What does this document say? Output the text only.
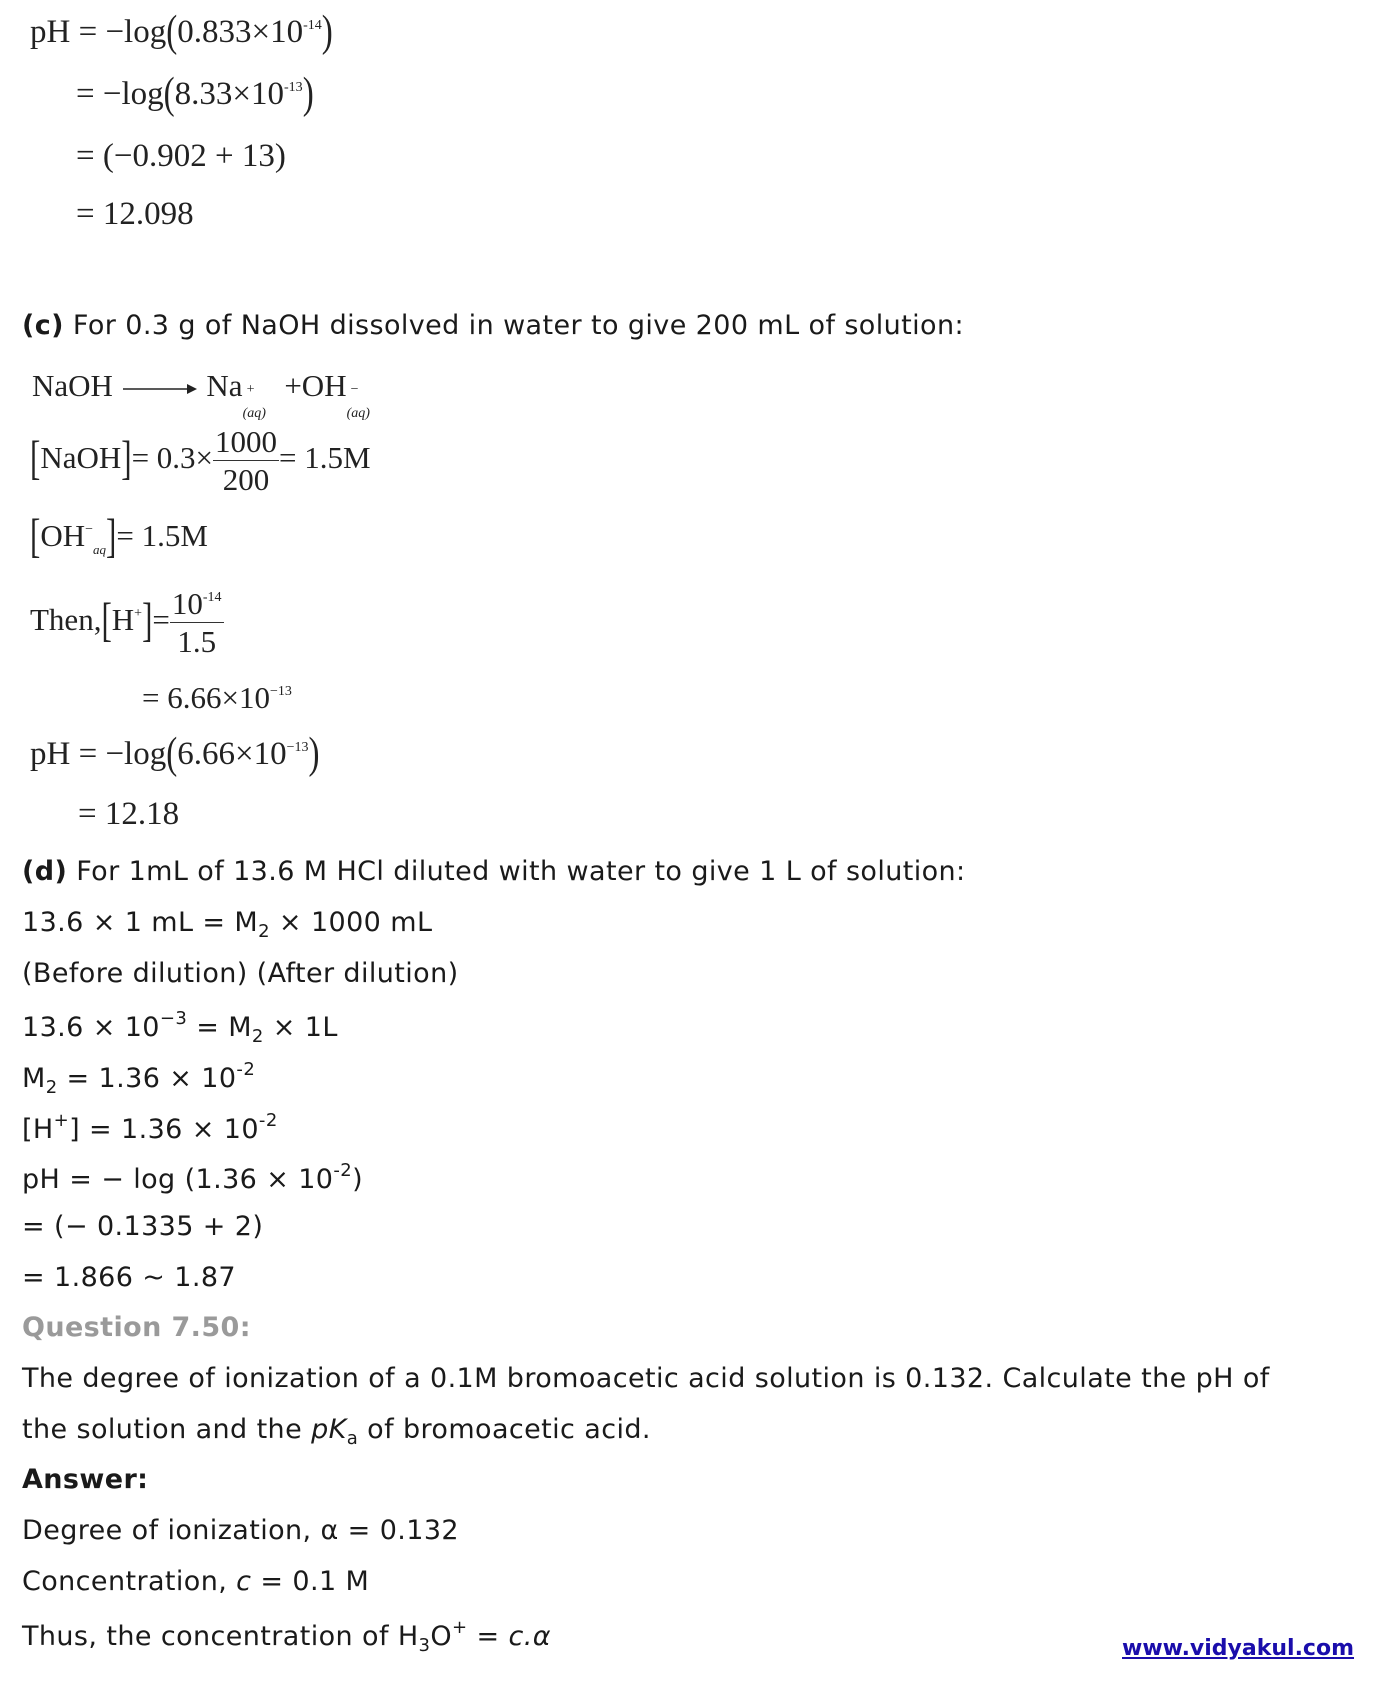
pH = $-\log(0.833\times 10^{-14})$
= $-\log(8.33\times 10^{-13})$
= (−0.902 + 13)
= 12.098
(c) For 0.3 g of NaOH dissolved in water to give 200 mL of solution:
NaOH → Na +
(aq)
+OH −
(aq)
[NaOH]= $0.3\times \frac{1000}{200} = 1.5M$
$[OH^-_{aq}]= 1.5M$
Then,[H+]= $\frac{10^{-14}}{1.5}$
= $6.66\times 10^{-13}$
pH = $-\log(6.66\times 10^{-13})$
= 12.18
(d) For 1mL of 13.6 M HCl diluted with water to give 1 L of solution:
13.6 × 1 mL = $M_2 \times 1000$ mL
(Before dilution) (After dilution)
$13.6 \times 10^{-3} = M_2 \times 1L$
$M_2 = 1.36 \times 10^{-2}$
$[H^+] = 1.36 \times 10^{-2}$
pH = − $\log (1.36 \times 10^{-2})$
= (− 0.1335 + 2)
= 1.866 ~ 1.87
Question 7.50:
The degree of ionization of a 0.1M bromoacetic acid solution is 0.132. Calculate the pH of
the solution and the $pK_a$ of bromoacetic acid.
Answer:
Degree of ionization, α = 0.132
Concentration, c = 0.1 M
Thus, the concentration of $H_3O^+ = c.\alpha$	www.vidyakul.com
